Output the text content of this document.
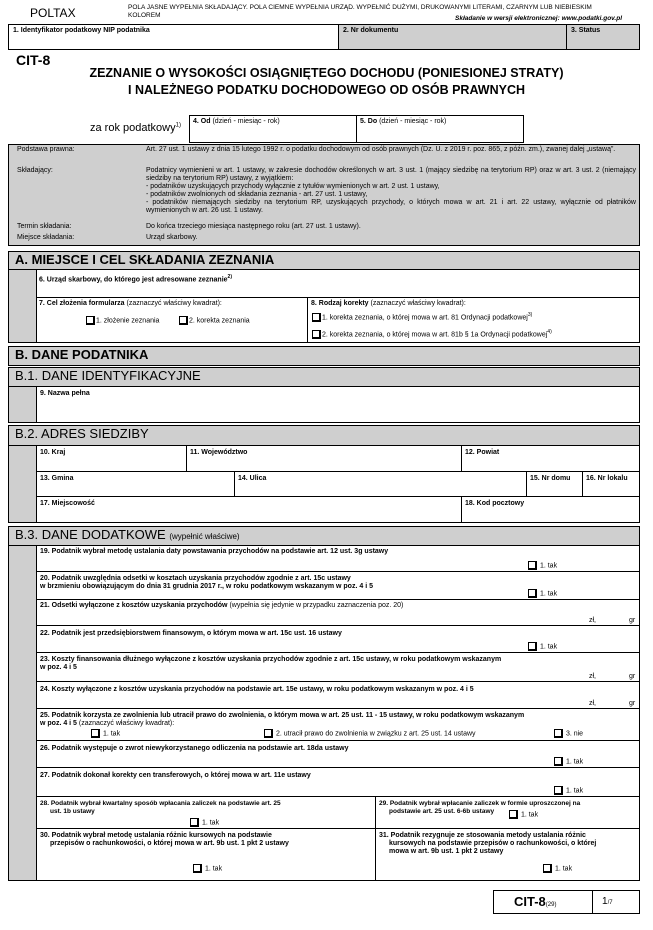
POLTAX	POLA JASNE WYPEŁNIA SKŁADAJĄCY. POLA CIEMNE WYPEŁNIA URZĄD. WYPEŁNIĆ DUŻYMI, DRUKOWANYMI LITERAMI, CZARNYM LUB NIEBIESKIM KOLOREM	Składanie w wersji elektronicznej: www.podatki.gov.pl
1. Identyfikator podatkowy NIP podatnika	2. Nr dokumentu	3. Status
CIT-8
ZEZNANIE O WYSOKOŚCI OSIĄGNIĘTEGO DOCHODU (PONIESIONEJ STRATY)
I NALEŻNEGO PODATKU DOCHODOWEGO OD OSÓB PRAWNYCH
za rok podatkowy$^{1)}$
4. Od (dzień - miesiąc - rok)	5. Do (dzień - miesiąc - rok)
Podstawa prawna:	Art. 27 ust. 1 ustawy z dnia 15 lutego 1992 r. o podatku dochodowym od osób prawnych (Dz. U. z 2019 r. poz. 865, z późn. zm.), zwanej dalej „ustawą”.
Składający:	Podatnicy wymienieni w art. 1 ustawy, w zakresie dochodów określonych w art. 3 ust. 1 (mający siedzibę na terytorium RP) oraz w art. 3 ust. 2 (niemający siedziby na terytorium RP) ustawy, z wyjątkiem:
- podatników uzyskujących przychody wyłącznie z tytułów wymienionych w art. 2 ust. 1 ustawy,
- podatników zwolnionych od składania zeznania - art. 27 ust. 1 ustawy,
- podatników niemających siedziby na terytorium RP, uzyskujących przychody, o których mowa w art. 21 i art. 22 ustawy, wyłącznie od płatników wymienionych w art. 26 ust. 1 ustawy.
Termin składania:	Do końca trzeciego miesiąca następnego roku (art. 27 ust. 1 ustawy).
Miejsce składania:	Urząd skarbowy.
A. MIEJSCE I CEL SKŁADANIA ZEZNANIA
6. Urząd skarbowy, do którego jest adresowane zeznanie$^{2)}$
7. Cel złożenia formularza (zaznaczyć właściwy kwadrat):
1. złożenie zeznania	2. korekta zeznania
8. Rodzaj korekty (zaznaczyć właściwy kwadrat):
1. korekta zeznania, o której mowa w art. 81 Ordynacji podatkowej$^{3)}$
2. korekta zeznania, o której mowa w art. 81b § 1a Ordynacji podatkowej$^{4)}$
B. DANE PODATNIKA
B.1. DANE IDENTYFIKACYJNE
9. Nazwa pełna
B.2. ADRES SIEDZIBY
10. Kraj	11. Województwo	12. Powiat
13. Gmina	14. Ulica	15. Nr domu 16. Nr lokalu
17. Miejscowość	18. Kod pocztowy
B.3. DANE DODATKOWE (wypełnić właściwe)
19. Podatnik wybrał metodę ustalania daty powstawania przychodów na podstawie art. 12 ust. 3g ustawy
1. tak
20. Podatnik uwzględnia odsetki w kosztach uzyskania przychodów zgodnie z art. 15c ustawy
w brzmieniu obowiązującym do dnia 31 grudnia 2017 r., w roku podatkowym wskazanym w poz. 4 i 5
1. tak
21. Odsetki wyłączone z kosztów uzyskania przychodów (wypełnia się jedynie w przypadku zaznaczenia poz. 20)
zł,	gr
22. Podatnik jest przedsiębiorstwem finansowym, o którym mowa w art. 15c ust. 16 ustawy
1. tak
23. Koszty finansowania dłużnego wyłączone z kosztów uzyskania przychodów zgodnie z art. 15c ustawy, w roku podatkowym wskazanym
w poz. 4 i 5
zł,	gr
24. Koszty wyłączone z kosztów uzyskania przychodów na podstawie art. 15e ustawy, w roku podatkowym wskazanym w poz. 4 i 5
zł,	gr
25. Podatnik korzysta ze zwolnienia lub utracił prawo do zwolnienia, o którym mowa w art. 25 ust. 11 - 15 ustawy, w roku podatkowym wskazanym
w poz. 4 i 5 (zaznaczyć właściwy kwadrat):
1. tak	2. utracił prawo do zwolnienia w związku z art. 25 ust. 14 ustawy	3. nie
26. Podatnik występuje o zwrot niewykorzystanego odliczenia na podstawie art. 18da ustawy
1. tak
27. Podatnik dokonał korekty cen transferowych, o której mowa w art. 11e ustawy
1. tak
28. Podatnik wybrał kwartalny sposób wpłacania zaliczek na podstawie art. 25
ust. 1b ustawy
1. tak
29. Podatnik wybrał wpłacanie zaliczek w formie uproszczonej na
podstawie art. 25 ust. 6-6b ustawy	1. tak
30. Podatnik wybrał metodę ustalania różnic kursowych na podstawie
przepisów o rachunkowości, o której mowa w art. 9b ust. 1 pkt 2 ustawy
1. tak
31. Podatnik rezygnuje ze stosowania metody ustalania różnic
kursowych na podstawie przepisów o rachunkowości, o której
mowa w art. 9b ust. 1 pkt 2 ustawy
1. tak
CIT-8(29)	1/7
